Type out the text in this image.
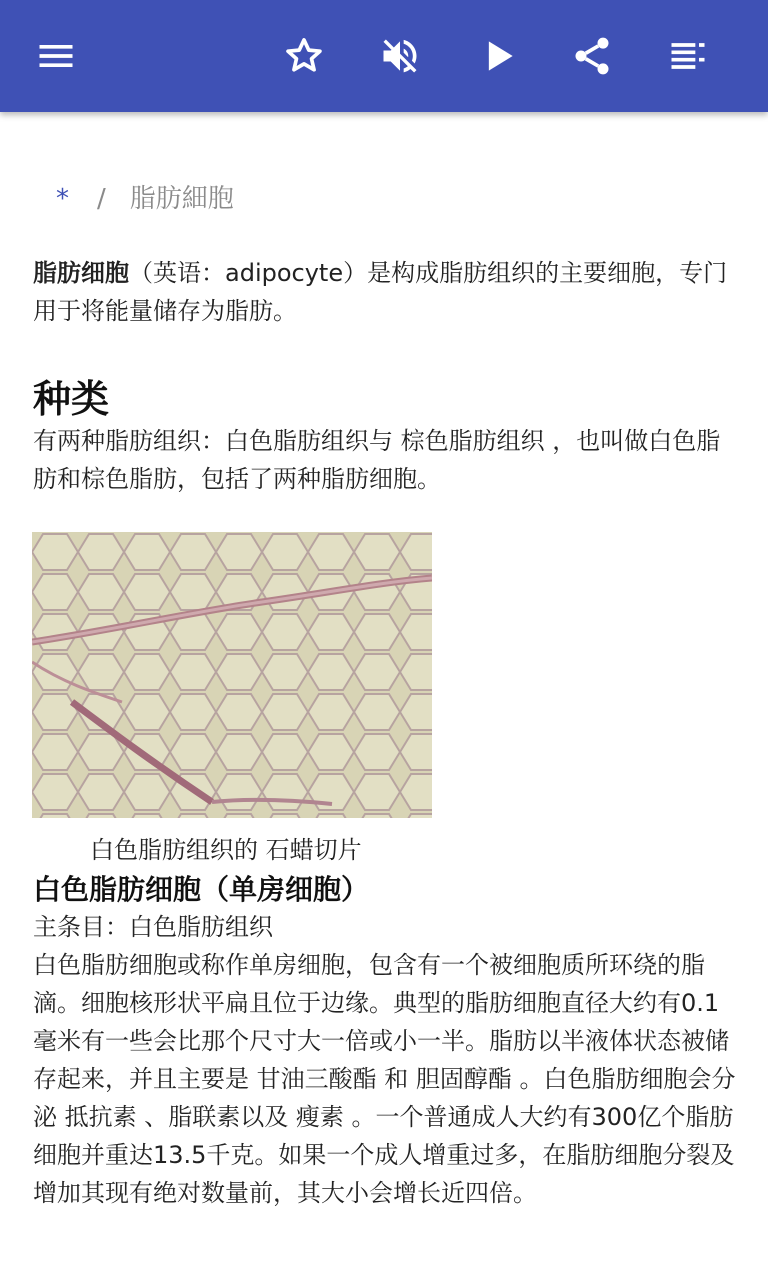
* / 脂肪細胞
脂肪细胞（英语：adipocyte）是构成脂肪组织的主要细胞，专门用于将能量储存为脂肪。
种类
有两种脂肪组织：白色脂肪组织与 棕色脂肪组织 ，也叫做白色脂肪和棕色脂肪，包括了两种脂肪细胞。
白色脂肪组织的 石蜡切片
白色脂肪细胞（单房细胞）
主条目：白色脂肪组织
白色脂肪细胞或称作单房细胞，包含有一个被细胞质所环绕的脂滴。细胞核形状平扁且位于边缘。典型的脂肪细胞直径大约有0.1毫米有一些会比那个尺寸大一倍或小一半。脂肪以半液体状态被储存起来，并且主要是 甘油三酸酯 和 胆固醇酯 。白色脂肪细胞会分泌 抵抗素 、脂联素以及 瘦素 。一个普通成人大约有300亿个脂肪细胞并重达13.5千克。如果一个成人增重过多，在脂肪细胞分裂及增加其现有绝对数量前，其大小会增长近四倍。
